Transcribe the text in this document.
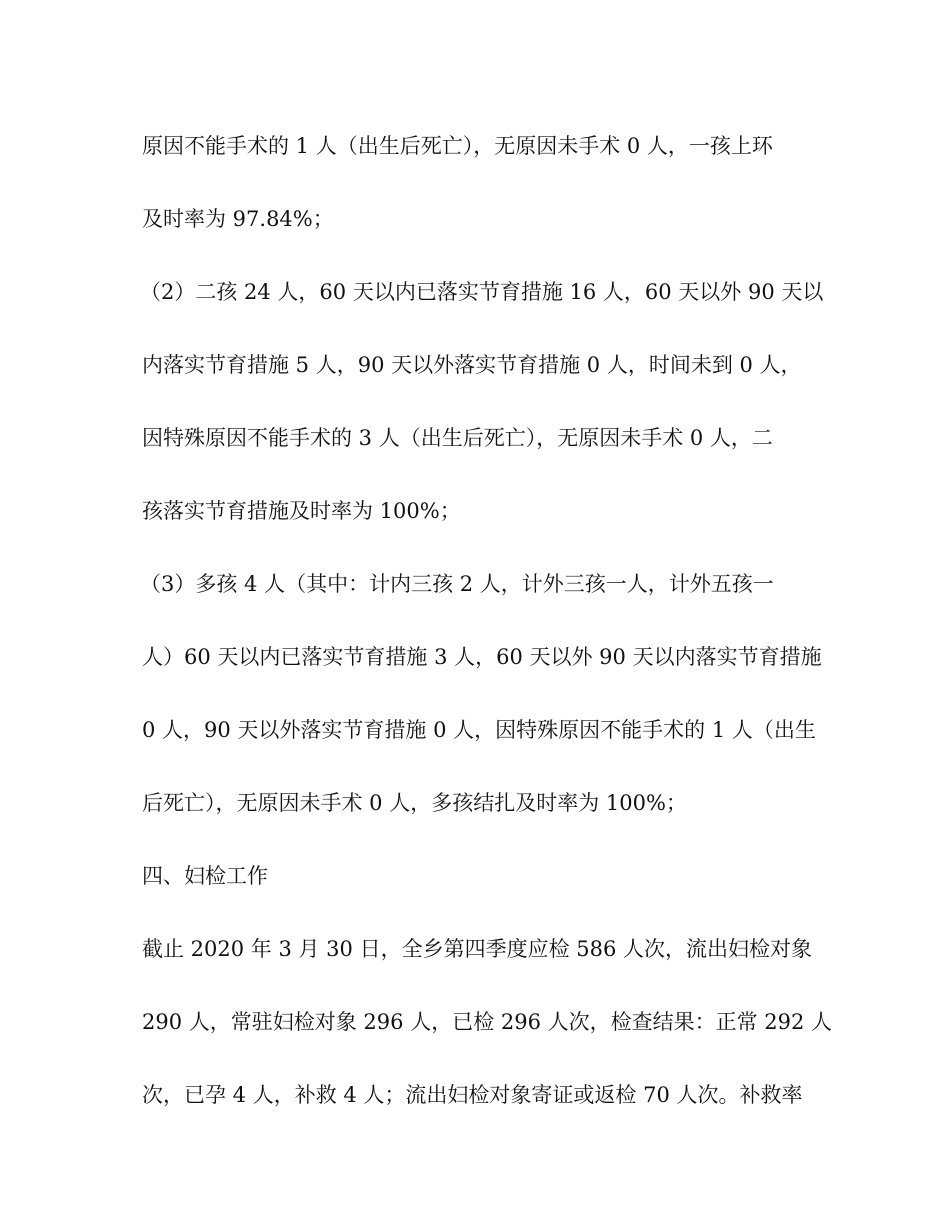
原因不能手术的 1 人（出生后死亡），无原因未手术 0 人，一孩上环

及时率为 97.84%；

（2）二孩 24 人，60 天以内已落实节育措施 16 人，60 天以外 90 天以

内落实节育措施 5 人，90 天以外落实节育措施 0 人，时间未到 0 人，

因特殊原因不能手术的 3 人（出生后死亡），无原因未手术 0 人，二

孩落实节育措施及时率为 100%；

（3）多孩 4 人（其中：计内三孩 2 人，计外三孩一人，计外五孩一

人）60 天以内已落实节育措施 3 人，60 天以外 90 天以内落实节育措施

0 人，90 天以外落实节育措施 0 人，因特殊原因不能手术的 1 人（出生

后死亡），无原因未手术 0 人，多孩结扎及时率为 100%；

四、妇检工作

截止 2020 年 3 月 30 日，全乡第四季度应检 586 人次，流出妇检对象

290 人，常驻妇检对象 296 人，已检 296 人次，检查结果：正常 292 人

次，已孕 4 人，补救 4 人；流出妇检对象寄证或返检 70 人次。补救率
